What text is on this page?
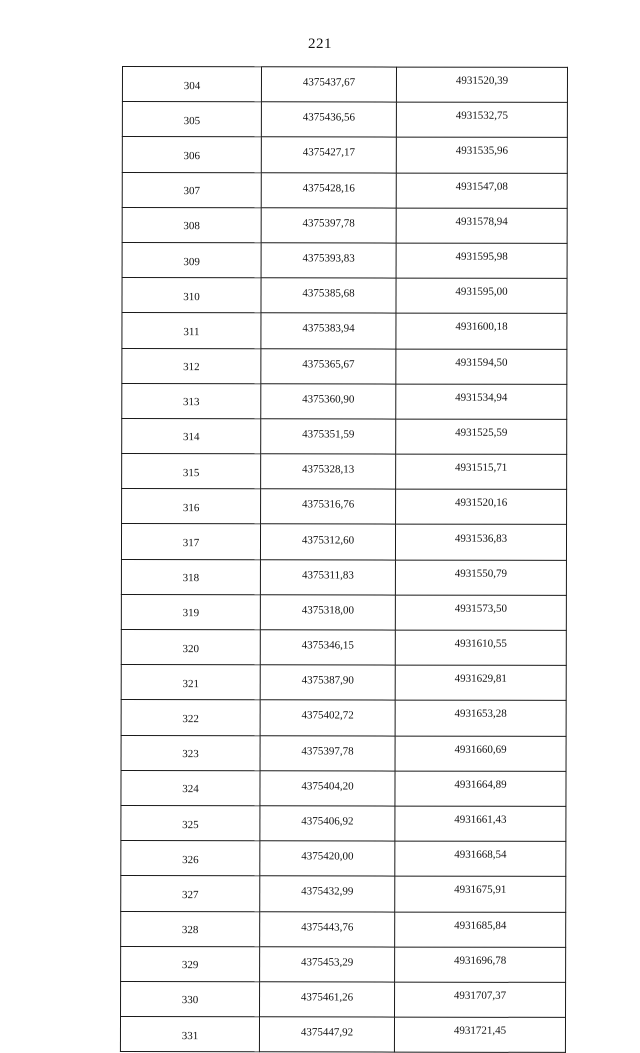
221
304	4375437,67	4931520,39
305	4375436,56	4931532,75
306	4375427,17	4931535,96
307	4375428,16	4931547,08
308	4375397,78	4931578,94
309	4375393,83	4931595,98
310	4375385,68	4931595,00
311	4375383,94	4931600,18
312	4375365,67	4931594,50
313	4375360,90	4931534,94
314	4375351,59	4931525,59
315	4375328,13	4931515,71
316	4375316,76	4931520,16
317	4375312,60	4931536,83
318	4375311,83	4931550,79
319	4375318,00	4931573,50
320	4375346,15	4931610,55
321	4375387,90	4931629,81
322	4375402,72	4931653,28
323	4375397,78	4931660,69
324	4375404,20	4931664,89
325	4375406,92	4931661,43
326	4375420,00	4931668,54
327	4375432,99	4931675,91
328	4375443,76	4931685,84
329	4375453,29	4931696,78
330	4375461,26	4931707,37
331	4375447,92	4931721,45
